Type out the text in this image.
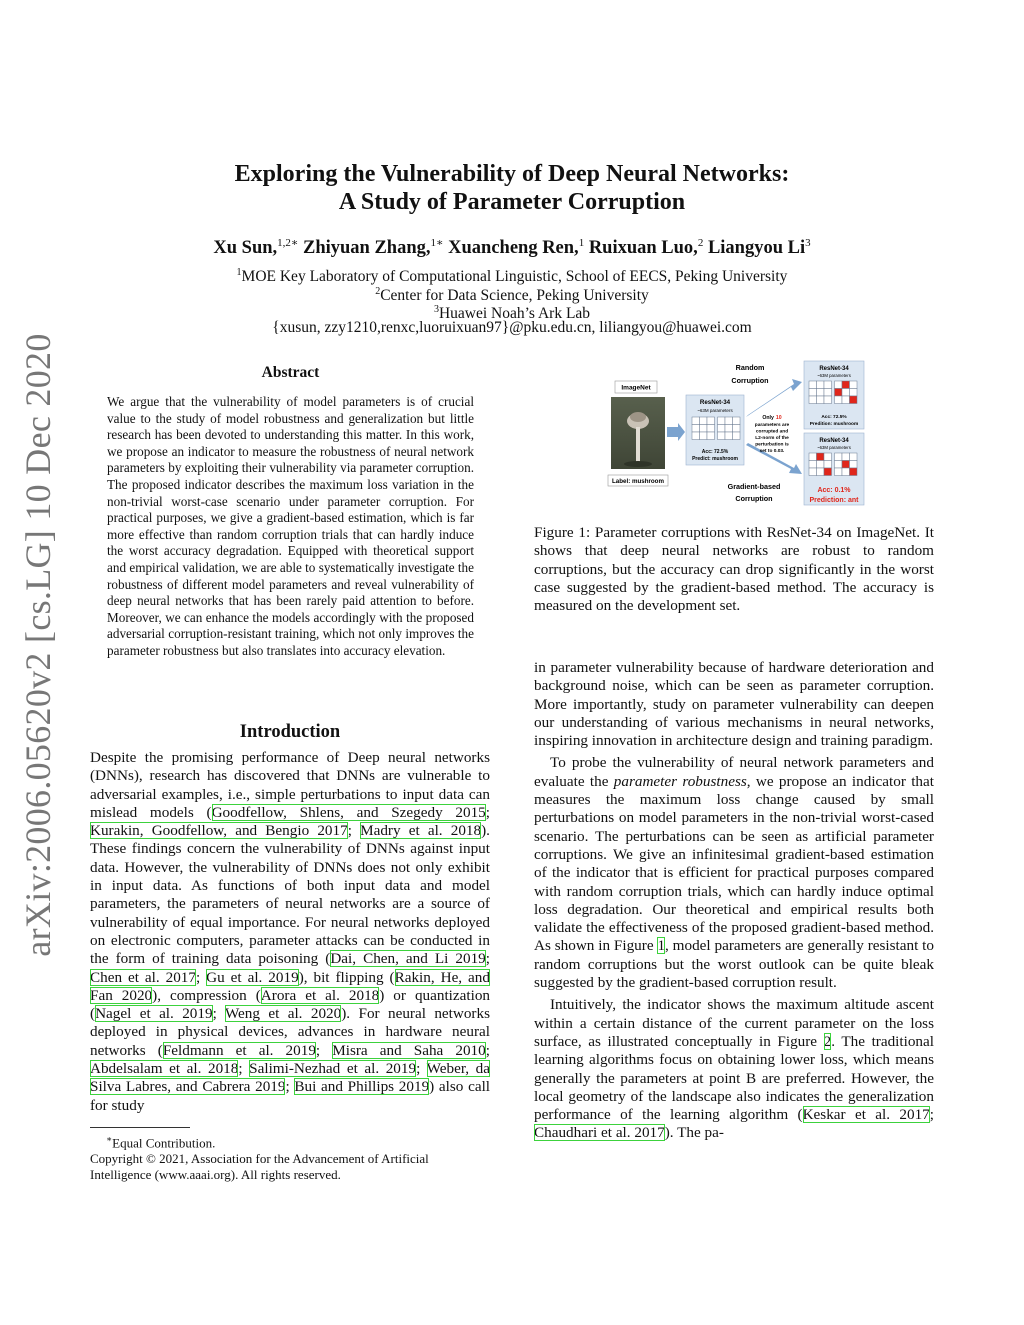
arXiv:2006.05620v2 [cs.LG] 10 Dec 2020
Exploring the Vulnerability of Deep Neural Networks:
A Study of Parameter Corruption
Xu Sun,$^{1,2∗}$ Zhiyuan Zhang,$^{1∗}$ Xuancheng Ren,$^1$ Ruixuan Luo,$^2$ Liangyou Li$^3$
$^1$MOE Key Laboratory of Computational Linguistic, School of EECS, Peking University
$^2$Center for Data Science, Peking University
$^3$Huawei Noah’s Ark Lab
{xusun, zzy1210,renxc,luoruixuan97}@pku.edu.cn, liliangyou@huawei.com
Abstract
We argue that the vulnerability of model parameters is of crucial value to the study of model robustness and generalization but little research has been devoted to understanding this matter. In this work, we propose an indicator to measure the robustness of neural network parameters by exploiting their vulnerability via parameter corruption. The proposed indicator describes the maximum loss variation in the non-trivial worst-case scenario under parameter corruption. For practical purposes, we give a gradient-based estimation, which is far more effective than random corruption trials that can hardly induce the worst accuracy degradation. Equipped with theoretical support and empirical validation, we are able to systematically investigate the robustness of different model parameters and reveal vulnerability of deep neural networks that has been rarely paid attention to before. Moreover, we can enhance the models accordingly with the proposed adversarial corruption-resistant training, which not only improves the parameter robustness but also translates into accuracy elevation.
Introduction
Despite the promising performance of Deep neural networks (DNNs), research has discovered that DNNs are vulnerable to adversarial examples, i.e., simple perturbations to input data can mislead models (Goodfellow, Shlens, and Szegedy 2015; Kurakin, Goodfellow, and Bengio 2017; Madry et al. 2018). These findings concern the vulnerability of DNNs against input data. However, the vulnerability of DNNs does not only exhibit in input data. As functions of both input data and model parameters, the parameters of neural networks are a source of vulnerability of equal importance. For neural networks deployed on electronic computers, parameter attacks can be conducted in the form of training data poisoning (Dai, Chen, and Li 2019; Chen et al. 2017; Gu et al. 2019), bit flipping (Rakin, He, and Fan 2020), compression (Arora et al. 2018) or quantization (Nagel et al. 2019; Weng et al. 2020). For neural networks deployed in physical devices, advances in hardware neural networks (Feldmann et al. 2019; Misra and Saha 2010; Abdelsalam et al. 2018; Salimi-Nezhad et al. 2019; Weber, da Silva Labres, and Cabrera 2019; Bui and Phillips 2019) also call for study
∗Equal Contribution.
Copyright © 2021, Association for the Advancement of Artificial Intelligence (www.aaai.org). All rights reserved.
ImageNet
Label: mushroom
ResNet-34
~63M parameters
Acc: 72.5%
Predict: mushroom
Random
Corruption
Only 10
parameters are
corrupted and
L2-norm of the
perturbation is
set to 0.03.
Gradient-based
Corruption
ResNet-34
~63M parameters
Acc: 72.5%
Predition: mushroom
ResNet-34
~63M parameters
Acc: 0.1%
Prediction: ant
Figure 1: Parameter corruptions with ResNet-34 on ImageNet. It shows that deep neural networks are robust to random corruptions, but the accuracy can drop significantly in the worst case suggested by the gradient-based method. The accuracy is measured on the development set.

in parameter vulnerability because of hardware deterioration and background noise, which can be seen as parameter corruption. More importantly, study on parameter vulnerability can deepen our understanding of various mechanisms in neural networks, inspiring innovation in architecture design and training paradigm.

To probe the vulnerability of neural network parameters and evaluate the parameter robustness, we propose an indicator that measures the maximum loss change caused by small perturbations on model parameters in the non-trivial worst-cased scenario. The perturbations can be seen as artificial parameter corruptions. We give an infinitesimal gradient-based estimation of the indicator that is efficient for practical purposes compared with random corruption trials, which can hardly induce optimal loss degradation. Our theoretical and empirical results both validate the effectiveness of the proposed gradient-based method. As shown in Figure 1, model parameters are generally resistant to random corruptions but the worst outlook can be quite bleak suggested by the gradient-based corruption result.

Intuitively, the indicator shows the maximum altitude ascent within a certain distance of the current parameter on the loss surface, as illustrated conceptually in Figure 2. The traditional learning algorithms focus on obtaining lower loss, which means generally the parameters at point B are preferred. However, the local geometry of the landscape also indicates the generalization performance of the learning algorithm (Keskar et al. 2017; Chaudhari et al. 2017). The pa-
